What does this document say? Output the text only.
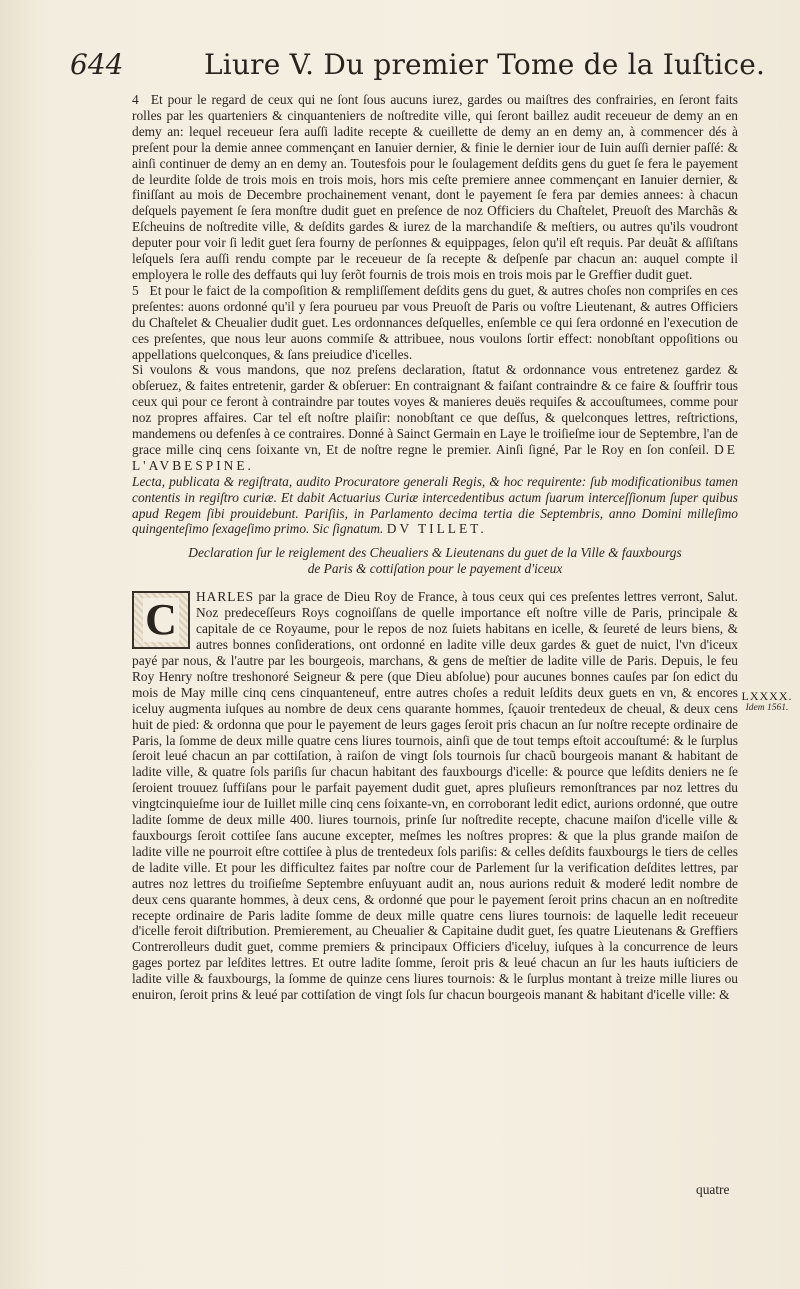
644	Liure V. Du premier Tome de la Iuſtice.

4 Et pour le regard de ceux qui ne ſont ſous aucuns iurez, gardes ou maiſtres des confrairies, en ſeront faits rolles par les quarteniers & cinquanteniers de noſtredite ville, qui ſeront baillez audit receueur de demy an en demy an: lequel receueur ſera auſſi ladite recepte & cueillette de demy an en demy an, à commencer dés à preſent pour la demie annee commençant en Ianuier dernier, & finie le dernier iour de Iuin auſſi dernier paſſé: & ainſi continuer de demy an en demy an. Toutesfois pour le ſoulagement deſdits gens du guet ſe fera le payement de leurdite ſolde de trois mois en trois mois, hors mis ceſte premiere annee commençant en Ianuier dernier, & finiſſant au mois de Decembre prochainement venant, dont le payement ſe fera par demies annees: à chacun deſquels payement ſe ſera monſtre dudit guet en preſence de noz Officiers du Chaſtelet, Preuoſt des Marchãs & Eſcheuins de noſtredite ville, & deſdits gardes & iurez de la marchandiſe & meſtiers, ou autres qu'ils voudront deputer pour voir ſi ledit guet ſera fourny de perſonnes & equippages, ſelon qu'il eſt requis. Par deuãt & aſſiſtans leſquels ſera auſſi rendu compte par le receueur de ſa recepte & deſpenſe par chacun an: auquel compte il employera le rolle des deffauts qui luy ſerõt fournis de trois mois en trois mois par le Greffier dudit guet.

5 Et pour le faict de la compoſition & rempliſſement deſdits gens du guet, & autres choſes non compriſes en ces preſentes: auons ordonné qu'il y ſera pourueu par vous Preuoſt de Paris ou voſtre Lieutenant, & autres Officiers du Chaſtelet & Cheualier dudit guet. Les ordonnances deſquelles, enſemble ce qui ſera ordonné en l'execution de ces preſentes, que nous leur auons commiſe & attribuee, nous voulons ſortir effect: nonobſtant oppoſitions ou appellations quelconques, & ſans preiudice d'icelles.

Si voulons & vous mandons, que noz preſens declaration, ſtatut & ordonnance vous entretenez gardez & obſeruez, & faites entretenir, garder & obſeruer: En contraignant & faiſant contraindre & ce faire & ſouffrir tous ceux qui pour ce feront à contraindre par toutes voyes & manieres deuës requiſes & accouſtumees, comme pour noz propres affaires. Car tel eſt noſtre plaiſir: nonobſtant ce que deſſus, & quelconques lettres, reſtrictions, mandemens ou defenſes à ce contraires. Donné à Sainct Germain en Laye le troiſieſme iour de Septembre, l'an de grace mille cinq cens ſoixante vn, Et de noſtre regne le premier. Ainſi ſigné, Par le Roy en ſon conſeil. DE L'AVBESPINE.

Lecta, publicata & regiſtrata, audito Procuratore generali Regis, & hoc requirente: ſub modificationibus tamen contentis in regiſtro curiæ. Et dabit Actuarius Curiæ intercedentibus actum ſuarum interceſſionum ſuper quibus apud Regem ſibi prouidebunt. Pariſiis, in Parlamento decima tertia die Septembris, anno Domini milleſimo quingenteſimo ſexageſimo primo. Sic ſignatum. DV TILLET.

Declaration ſur le reiglement des Cheualiers & Lieutenans du guet de la Ville & fauxbourgs
de Paris & cottiſation pour le payement d'iceux

C HARLES par la grace de Dieu Roy de France, à tous ceux qui ces preſentes lettres verront, Salut. Noz predeceſſeurs Roys cognoiſſans de quelle importance eſt noſtre ville de Paris, principale & capitale de ce Royaume, pour le repos de noz ſuiets habitans en icelle, & ſeureté de leurs biens, & autres bonnes conſiderations, ont ordonné en ladite ville deux gardes & guet de nuict, l'vn d'iceux payé par nous, & l'autre par les bourgeois, marchans, & gens de meſtier de ladite ville de Paris. Depuis, le feu Roy Henry noſtre treshonoré Seigneur & pere (que Dieu abſolue) pour aucunes bonnes cauſes par ſon edict du mois de May mille cinq cens cinquanteneuf, entre autres choſes a reduit leſdits deux guets en vn, & encores iceluy augmenta iuſques au nombre de deux cens quarante hommes, ſçauoir trentedeux de cheual, & deux cens huit de pied: & ordonna que pour le payement de leurs gages ſeroit pris chacun an ſur noſtre recepte ordinaire de Paris, la ſomme de deux mille quatre cens liures tournois, ainſi que de tout temps eſtoit accouſtumé: & le ſurplus ſeroit leué chacun an par cottiſation, à raiſon de vingt ſols tournois ſur chacũ bourgeois manant & habitant de ladite ville, & quatre ſols pariſis ſur chacun habitant des fauxbourgs d'icelle: & pource que leſdits deniers ne ſe ſeroient trouuez ſuffiſans pour le parfait payement dudit guet, apres pluſieurs remonſtrances par noz lettres du vingtcinquieſme iour de Iuillet mille cinq cens ſoixante-vn, en corroborant ledit edict, aurions ordonné, que outre ladite ſomme de deux mille 400. liures tournois, prinſe ſur noſtredite recepte, chacune maiſon d'icelle ville & fauxbourgs ſeroit cottiſee ſans aucune excepter, meſmes les noſtres propres: & que la plus grande maiſon de ladite ville ne pourroit eſtre cottiſee à plus de trentedeux ſols pariſis: & celles deſdits fauxbourgs le tiers de celles de ladite ville. Et pour les difficultez faites par noſtre cour de Parlement ſur la verification deſdites lettres, par autres noz lettres du troiſieſme Septembre enſuyuant audit an, nous aurions reduit & moderé ledit nombre de deux cens quarante hommes, à deux cens, & ordonné que pour le payement ſeroit prins chacun an en noſtredite recepte ordinaire de Paris ladite ſomme de deux mille quatre cens liures tournois: de laquelle ledit receueur d'icelle feroit diſtribution. Premierement, au Cheualier & Capitaine dudit guet, ſes quatre Lieutenans & Greffiers Contrerolleurs dudit guet, comme premiers & principaux Officiers d'iceluy, iuſques à la concurrence de leurs gages portez par leſdites lettres. Et outre ladite ſomme, ſeroit pris & leué chacun an ſur les hauts iuſticiers de ladite ville & fauxbourgs, la ſomme de quinze cens liures tournois: & le ſurplus montant à treize mille liures ou enuiron, ſeroit prins & leué par cottiſation de vingt ſols ſur chacun bourgeois manant & habitant d'icelle ville: &

LXXXX.
Idem 1561.
quatre
